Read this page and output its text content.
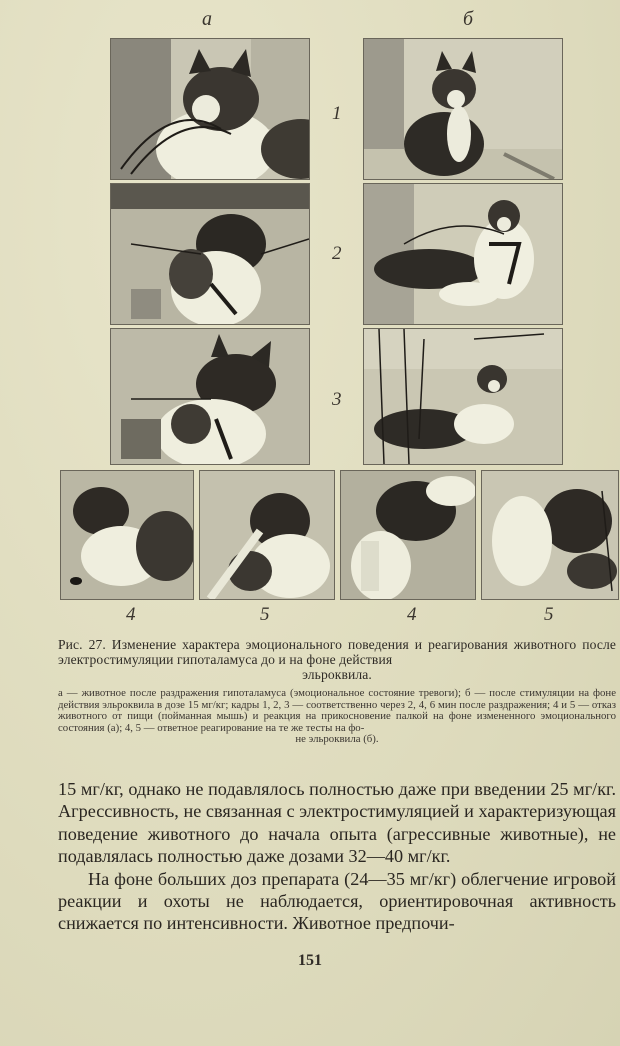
а	б
1
2
3
4	5	4	5
Рис. 27. Изменение характера эмоционального поведения и реагирования животного после электростимуляции гипоталамуса до и на фоне действия
эльроквила.
а — животное после раздражения гипоталамуса (эмоциональное состояние тревоги); б — после стимуляции на фоне действия эльроквила в дозе 15 мг/кг; кадры 1, 2, 3 — соответственно через 2, 4, 6 мин после раздражения; 4 и 5 — отказ животного от пищи (пойманная мышь) и реакция на прикосновение палкой на фоне измененного эмоционального состояния (а); 4, 5 — ответное реагирование на те же тесты на фо-
не эльроквила (б).

15 мг/кг, однако не подавлялось полностью даже при введении 25 мг/кг. Агрессивность, не связанная с электростимуляцией и характеризующая поведение животного до начала опыта (агрессивные животные), не подавлялась полностью даже дозами 32—40 мг/кг.

На фоне больших доз препарата (24—35 мг/кг) облегчение игровой реакции и охоты не наблюдается, ориентировочная активность снижается по интенсивности. Животное предпочи-

151
